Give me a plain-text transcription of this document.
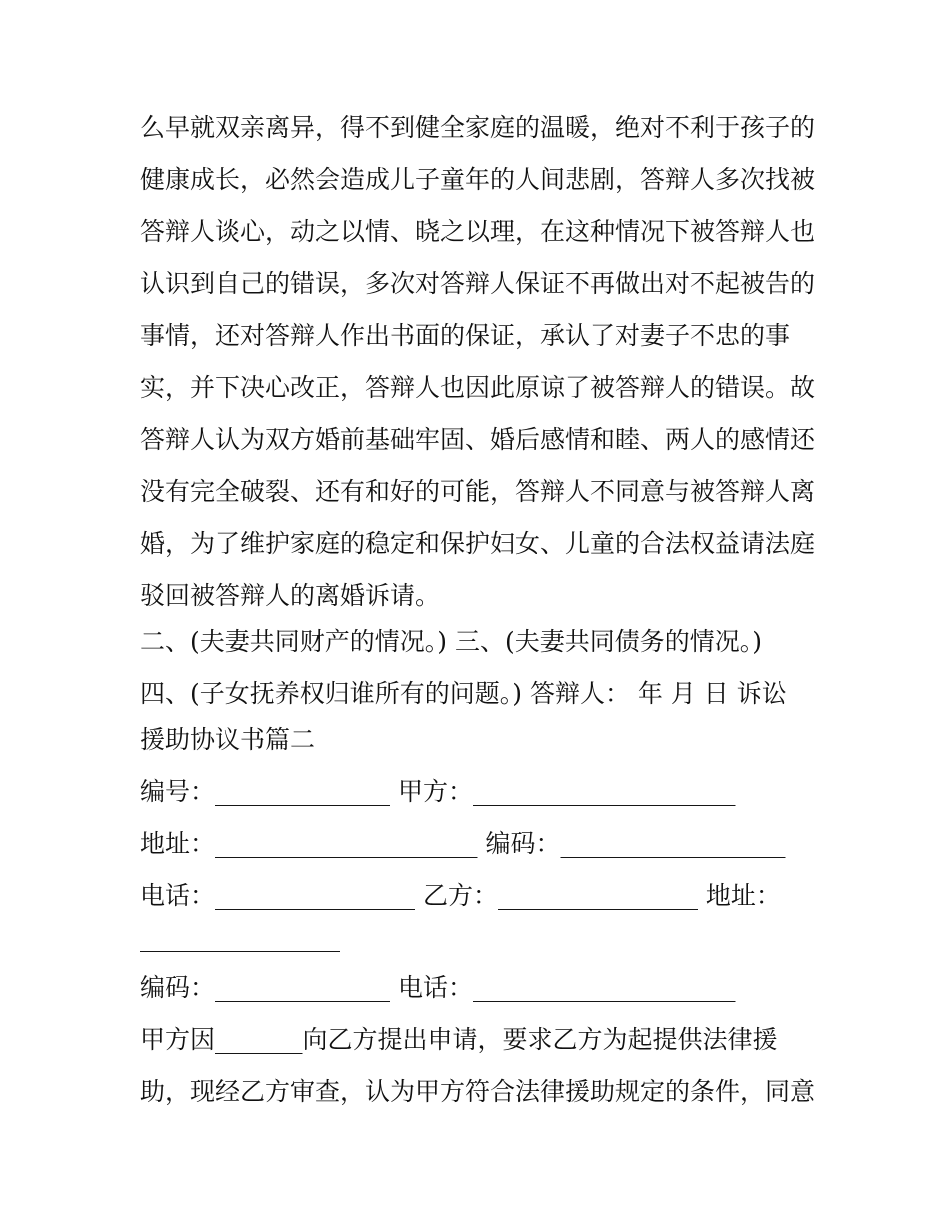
么早就双亲离异，得不到健全家庭的温暖，绝对不利于孩子的
健康成长，必然会造成儿子童年的人间悲剧，答辩人多次找被
答辩人谈心，动之以情、晓之以理，在这种情况下被答辩人也
认识到自己的错误，多次对答辩人保证不再做出对不起被告的
事情，还对答辩人作出书面的保证，承认了对妻子不忠的事
实，并下决心改正，答辩人也因此原谅了被答辩人的错误。故
答辩人认为双方婚前基础牢固、婚后感情和睦、两人的感情还
没有完全破裂、还有和好的可能，答辩人不同意与被答辩人离
婚，为了维护家庭的稳定和保护妇女、儿童的合法权益请法庭
驳回被答辩人的离婚诉请。
二、(夫妻共同财产的情况。) 三、(夫妻共同债务的情况。)
四、(子女抚养权归谁所有的问题。) 答辩人： 年 月 日 诉讼
援助协议书篇二
编号：______________ 甲方：_____________________
地址：_____________________ 编码：__________________
电话：________________ 乙方：________________ 地址：
________________
编码：______________ 电话：_____________________
甲方因_______向乙方提出申请，要求乙方为起提供法律援
助，现经乙方审查，认为甲方符合法律援助规定的条件，同意
